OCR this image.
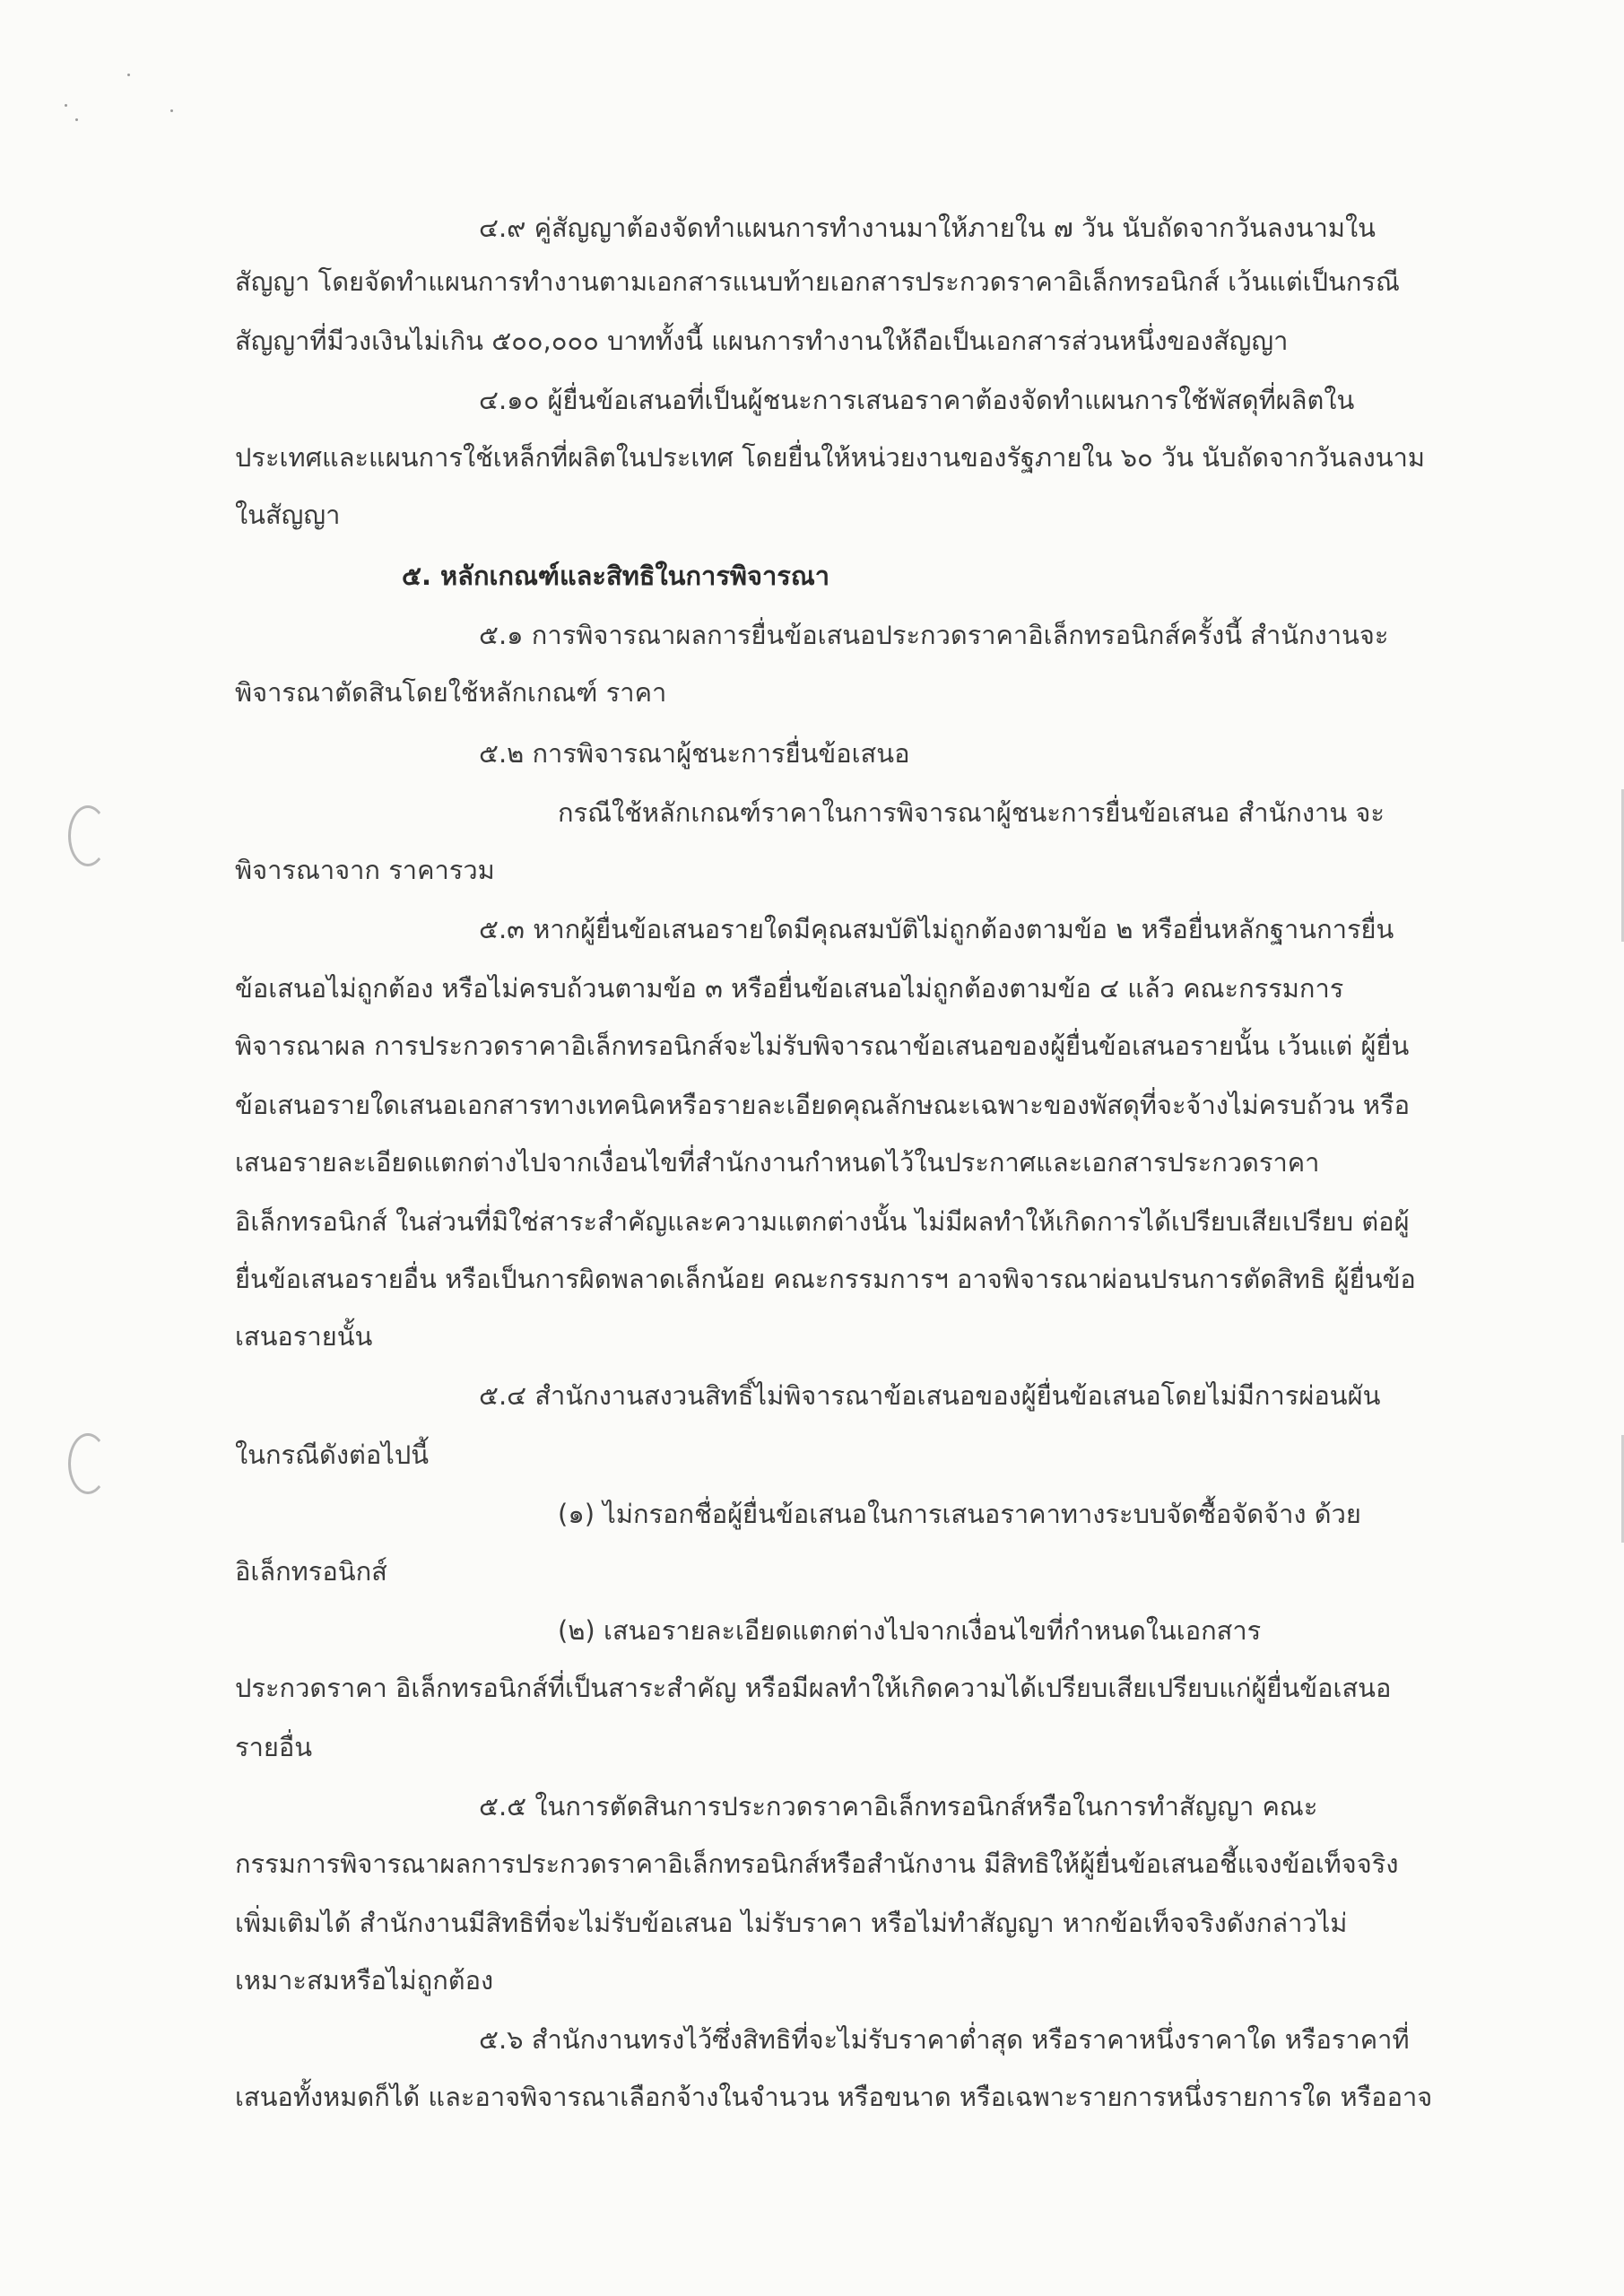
๔.๙ คู่สัญญาต้องจัดทำแผนการทำงานมาให้ภายใน ๗ วัน นับถัดจากวันลงนามใน
สัญญา โดยจัดทำแผนการทำงานตามเอกสารแนบท้ายเอกสารประกวดราคาอิเล็กทรอนิกส์ เว้นแต่เป็นกรณี
สัญญาที่มีวงเงินไม่เกิน ๕๐๐,๐๐๐ บาททั้งนี้ แผนการทำงานให้ถือเป็นเอกสารส่วนหนึ่งของสัญญา
๔.๑๐ ผู้ยื่นข้อเสนอที่เป็นผู้ชนะการเสนอราคาต้องจัดทำแผนการใช้พัสดุที่ผลิตใน
ประเทศและแผนการใช้เหล็กที่ผลิตในประเทศ โดยยื่นให้หน่วยงานของรัฐภายใน ๖๐ วัน นับถัดจากวันลงนาม
ในสัญญา
๕. หลักเกณฑ์และสิทธิในการพิจารณา
๕.๑ การพิจารณาผลการยื่นข้อเสนอประกวดราคาอิเล็กทรอนิกส์ครั้งนี้ สำนักงานจะ
พิจารณาตัดสินโดยใช้หลักเกณฑ์ ราคา
๕.๒ การพิจารณาผู้ชนะการยื่นข้อเสนอ
กรณีใช้หลักเกณฑ์ราคาในการพิจารณาผู้ชนะการยื่นข้อเสนอ สำนักงาน จะ
พิจารณาจาก ราคารวม
๕.๓ หากผู้ยื่นข้อเสนอรายใดมีคุณสมบัติไม่ถูกต้องตามข้อ ๒ หรือยื่นหลักฐานการยื่น
ข้อเสนอไม่ถูกต้อง หรือไม่ครบถ้วนตามข้อ ๓ หรือยื่นข้อเสนอไม่ถูกต้องตามข้อ ๔ แล้ว คณะกรรมการ
พิจารณาผล การประกวดราคาอิเล็กทรอนิกส์จะไม่รับพิจารณาข้อเสนอของผู้ยื่นข้อเสนอรายนั้น เว้นแต่ ผู้ยื่น
ข้อเสนอรายใดเสนอเอกสารทางเทคนิคหรือรายละเอียดคุณลักษณะเฉพาะของพัสดุที่จะจ้างไม่ครบถ้วน หรือ
เสนอรายละเอียดแตกต่างไปจากเงื่อนไขที่สำนักงานกำหนดไว้ในประกาศและเอกสารประกวดราคา
อิเล็กทรอนิกส์ ในส่วนที่มิใช่สาระสำคัญและความแตกต่างนั้น ไม่มีผลทำให้เกิดการได้เปรียบเสียเปรียบ ต่อผู้
ยื่นข้อเสนอรายอื่น หรือเป็นการผิดพลาดเล็กน้อย คณะกรรมการฯ อาจพิจารณาผ่อนปรนการตัดสิทธิ ผู้ยื่นข้อ
เสนอรายนั้น
๕.๔ สำนักงานสงวนสิทธิ์ไม่พิจารณาข้อเสนอของผู้ยื่นข้อเสนอโดยไม่มีการผ่อนผัน
ในกรณีดังต่อไปนี้
(๑) ไม่กรอกชื่อผู้ยื่นข้อเสนอในการเสนอราคาทางระบบจัดซื้อจัดจ้าง ด้วย
อิเล็กทรอนิกส์
(๒) เสนอรายละเอียดแตกต่างไปจากเงื่อนไขที่กำหนดในเอกสาร
ประกวดราคา อิเล็กทรอนิกส์ที่เป็นสาระสำคัญ หรือมีผลทำให้เกิดความได้เปรียบเสียเปรียบแก่ผู้ยื่นข้อเสนอ
รายอื่น
๕.๕ ในการตัดสินการประกวดราคาอิเล็กทรอนิกส์หรือในการทำสัญญา คณะ
กรรมการพิจารณาผลการประกวดราคาอิเล็กทรอนิกส์หรือสำนักงาน มีสิทธิให้ผู้ยื่นข้อเสนอชี้แจงข้อเท็จจริง
เพิ่มเติมได้ สำนักงานมีสิทธิที่จะไม่รับข้อเสนอ ไม่รับราคา หรือไม่ทำสัญญา หากข้อเท็จจริงดังกล่าวไม่
เหมาะสมหรือไม่ถูกต้อง
๕.๖ สำนักงานทรงไว้ซึ่งสิทธิที่จะไม่รับราคาต่ำสุด หรือราคาหนึ่งราคาใด หรือราคาที่
เสนอทั้งหมดก็ได้ และอาจพิจารณาเลือกจ้างในจำนวน หรือขนาด หรือเฉพาะรายการหนึ่งรายการใด หรืออาจ
